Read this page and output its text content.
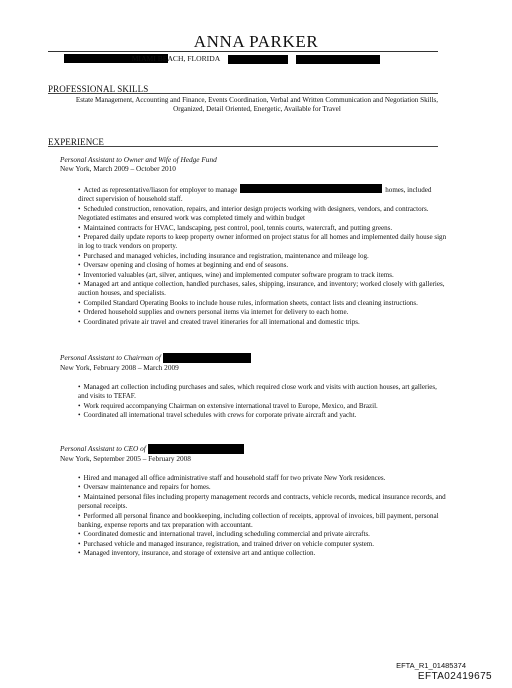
ANNA PARKER
MIAMI BEACH, FLORIDA
PROFESSIONAL SKILLS
Estate Management, Accounting and Finance, Events Coordination, Verbal and Written Communication and Negotiation Skills, Organized, Detail Oriented, Energetic, Available for Travel
EXPERIENCE
Personal Assistant to Owner and Wife of Hedge Fund
New York, March 2009 – October 2010
• Acted as representative/liason for employer to manage	homes, included direct supervision of household staff.
• Scheduled construction, renovation, repairs, and interior design projects working with designers, vendors, and contractors. Negotiated estimates and ensured work was completed timely and within budget
• Maintained contracts for HVAC, landscaping, pest control, pool, tennis courts, watercraft, and putting greens.
• Prepared daily update reports to keep property owner informed on project status for all homes and implemented daily house sign in log to track vendors on property.
• Purchased and managed vehicles, including insurance and registration, maintenance and mileage log.
• Oversaw opening and closing of homes at beginning and end of seasons.
• Inventoried valuables (art, silver, antiques, wine) and implemented computer software program to track items.
• Managed art and antique collection, handled purchases, sales, shipping, insurance, and inventory; worked closely with galleries, auction houses, and specialists.
• Compiled Standard Operating Books to include house rules, information sheets, contact lists and cleaning instructions.
• Ordered household supplies and owners personal items via internet for delivery to each home.
• Coordinated private air travel and created travel itineraries for all international and domestic trips.
Personal Assistant to Chairman of
New York, February 2008 – March 2009
• Managed art collection including purchases and sales, which required close work and visits with auction houses, art galleries, and visits to TEFAF.
• Work required accompanying Chairman on extensive international travel to Europe, Mexico, and Brazil.
• Coordinated all international travel schedules with crews for corporate private aircraft and yacht.
Personal Assistant to CEO of
New York, September 2005 – February 2008
• Hired and managed all office administrative staff and household staff for two private New York residences.
• Oversaw maintenance and repairs for homes.
• Maintained personal files including property management records and contracts, vehicle records, medical insurance records, and personal receipts.
• Performed all personal finance and bookkeeping, including collection of receipts, approval of invoices, bill payment, personal banking, expense reports and tax preparation with accountant.
• Coordinated domestic and international travel, including scheduling commercial and private aircrafts.
• Purchased vehicle and managed insurance, registration, and trained driver on vehicle computer system.
• Managed inventory, insurance, and storage of extensive art and antique collection.
EFTA_R1_01485374
EFTA02419675
